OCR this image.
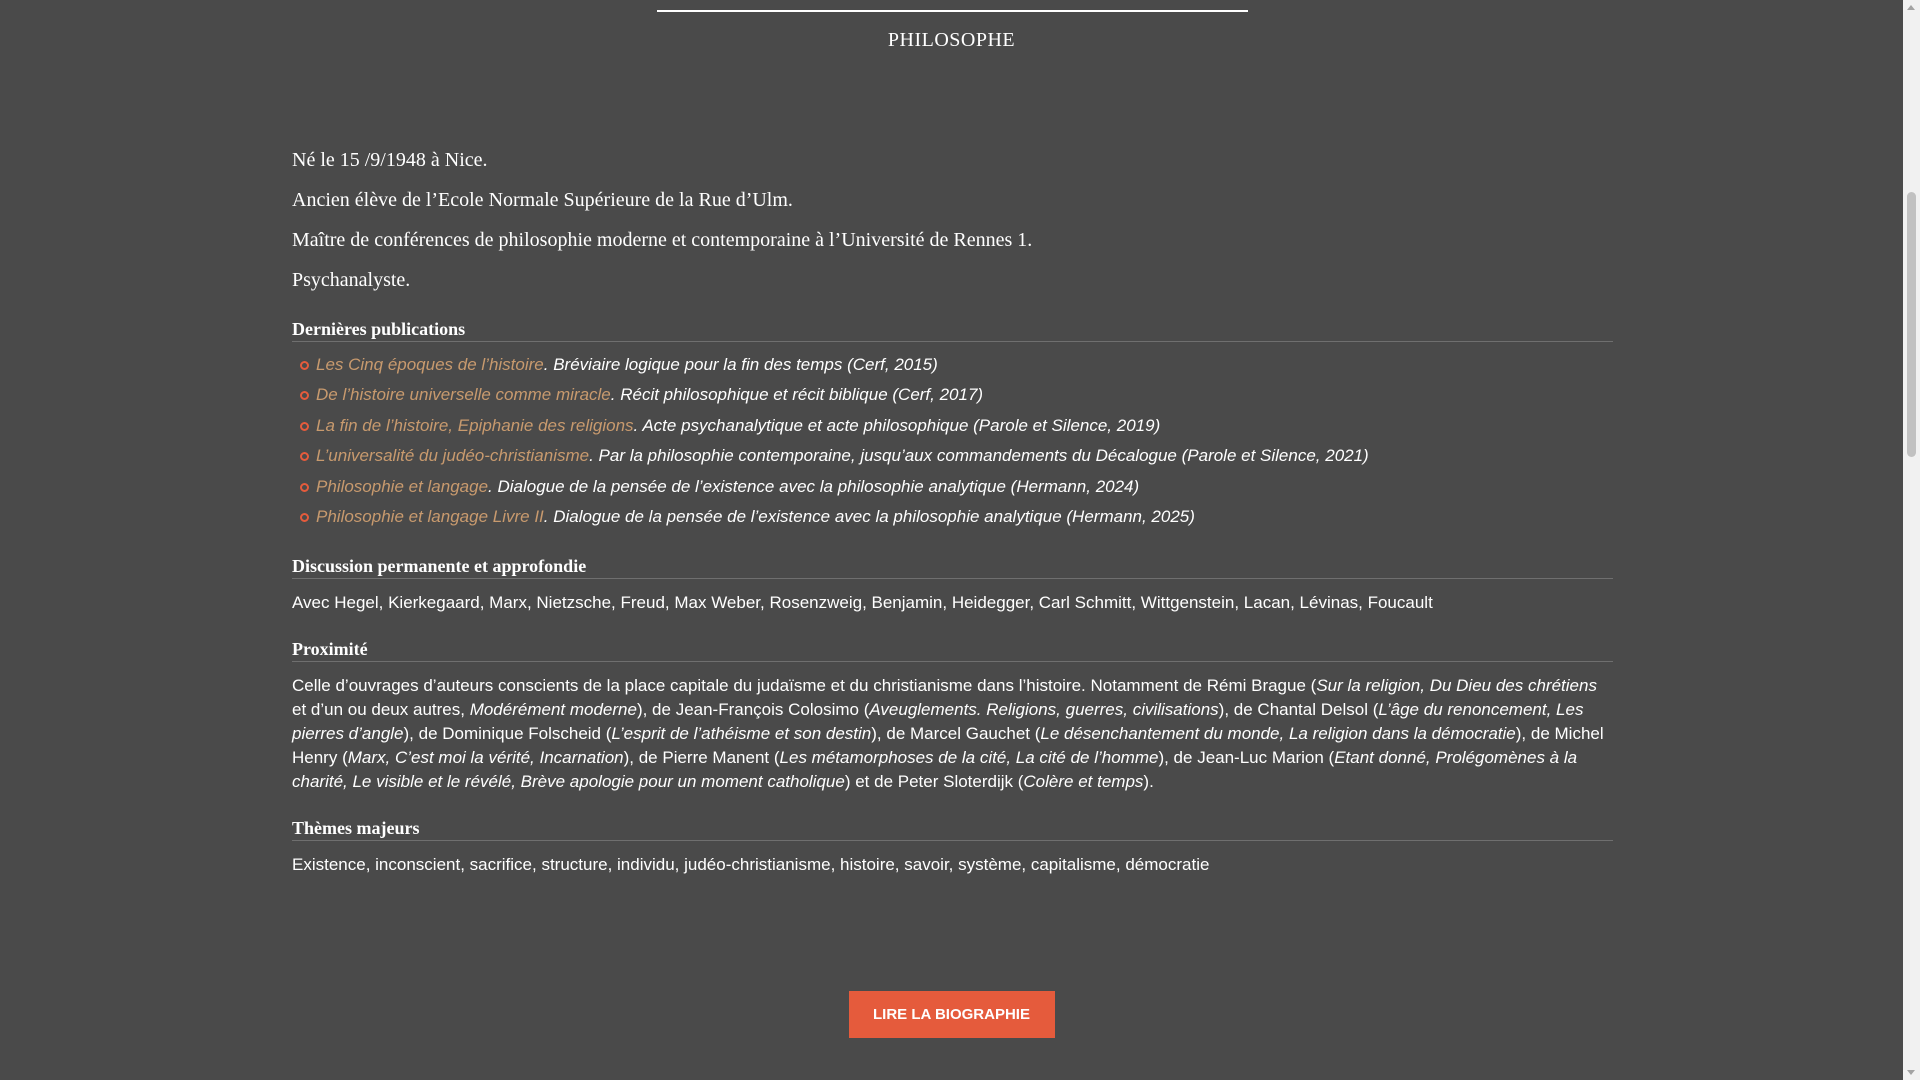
PHILOSOPHE

Né le 15 /9/1948 à Nice.

Ancien élève de l’Ecole Normale Supérieure de la Rue d’Ulm.

Maître de conférences de philosophie moderne et contemporaine à l’Université de Rennes 1.

Psychanalyste.

Dernières publications
Les Cinq époques de l’histoire. Bréviaire logique pour la fin des temps (Cerf, 2015)
De l’histoire universelle comme miracle. Récit philosophique et récit biblique (Cerf, 2017)
La fin de l’histoire, Epiphanie des religions. Acte psychanalytique et acte philosophique (Parole et Silence, 2019)
L’universalité du judéo-christianisme. Par la philosophie contemporaine, jusqu’aux commandements du Décalogue (Parole et Silence, 2021)
Philosophie et langage. Dialogue de la pensée de l’existence avec la philosophie analytique (Hermann, 2024)
Philosophie et langage Livre II. Dialogue de la pensée de l’existence avec la philosophie analytique (Hermann, 2025)
Discussion permanente et approfondie

Avec Hegel, Kierkegaard, Marx, Nietzsche, Freud, Max Weber, Rosenzweig, Benjamin, Heidegger, Carl Schmitt, Wittgenstein, Lacan, Lévinas, Foucault

Proximité

Celle d’ouvrages d’auteurs conscients de la place capitale du judaïsme et du christianisme dans l’histoire. Notamment de Rémi Brague (Sur la religion, Du Dieu des chrétiens et d’un ou deux autres, Modérément moderne), de Jean-François Colosimo (Aveuglements. Religions, guerres, civilisations), de Chantal Delsol (L’âge du renoncement, Les pierres d’angle), de Dominique Folscheid (L’esprit de l’athéisme et son destin), de Marcel Gauchet (Le désenchantement du monde, La religion dans la démocratie), de Michel Henry (Marx, C’est moi la vérité, Incarnation), de Pierre Manent (Les métamorphoses de la cité, La cité de l’homme), de Jean-Luc Marion (Etant donné, Prolégomènes à la charité, Le visible et le révélé, Brève apologie pour un moment catholique) et de Peter Sloterdijk (Colère et temps).

Thèmes majeurs

Existence, inconscient, sacrifice, structure, individu, judéo-christianisme, histoire, savoir, système, capitalisme, démocratie

LIRE LA BIOGRAPHIE
